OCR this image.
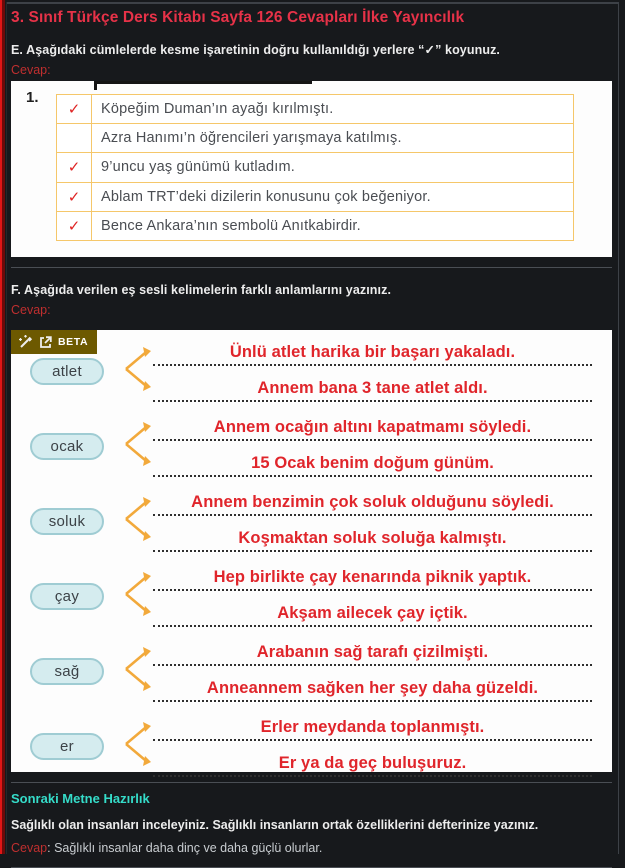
3. Sınıf Türkçe Ders Kitabı Sayfa 126 Cevapları İlke Yayıncılık
E. Aşağıdaki cümlelerde kesme işaretinin doğru kullanıldığı yerlere “✓” koyunuz.
Cevap:
1.
✓	Köpeğim Duman’ın ayağı kırılmıştı.
	Azra Hanımı’n öğrencileri yarışmaya katılmış.
✓	9’uncu yaş günümü kutladım.
✓	Ablam TRT’deki dizilerin konusunu çok beğeniyor.
✓	Bence Ankara’nın sembolü Anıtkabirdir.
F. Aşağıda verilen eş sesli kelimelerin farklı anlamlarını yazınız.
Cevap:
BETA
atlet
Ünlü atlet harika bir başarı yakaladı.
Annem bana 3 tane atlet aldı.
ocak
Annem ocağın altını kapatmamı söyledi.
15 Ocak benim doğum günüm.
soluk
Annem benzimin çok soluk olduğunu söyledi.
Koşmaktan soluk soluğa kalmıştı.
çay
Hep birlikte çay kenarında piknik yaptık.
Akşam ailecek çay içtik.
sağ
Arabanın sağ tarafı çizilmişti.
Anneannem sağken her şey daha güzeldi.
er
Erler meydanda toplanmıştı.
Er ya da geç buluşuruz.
Sonraki Metne Hazırlık
Sağlıklı olan insanları inceleyiniz. Sağlıklı insanların ortak özelliklerini defterinize yazınız.
Cevap: Sağlıklı insanlar daha dinç ve daha güçlü olurlar.
